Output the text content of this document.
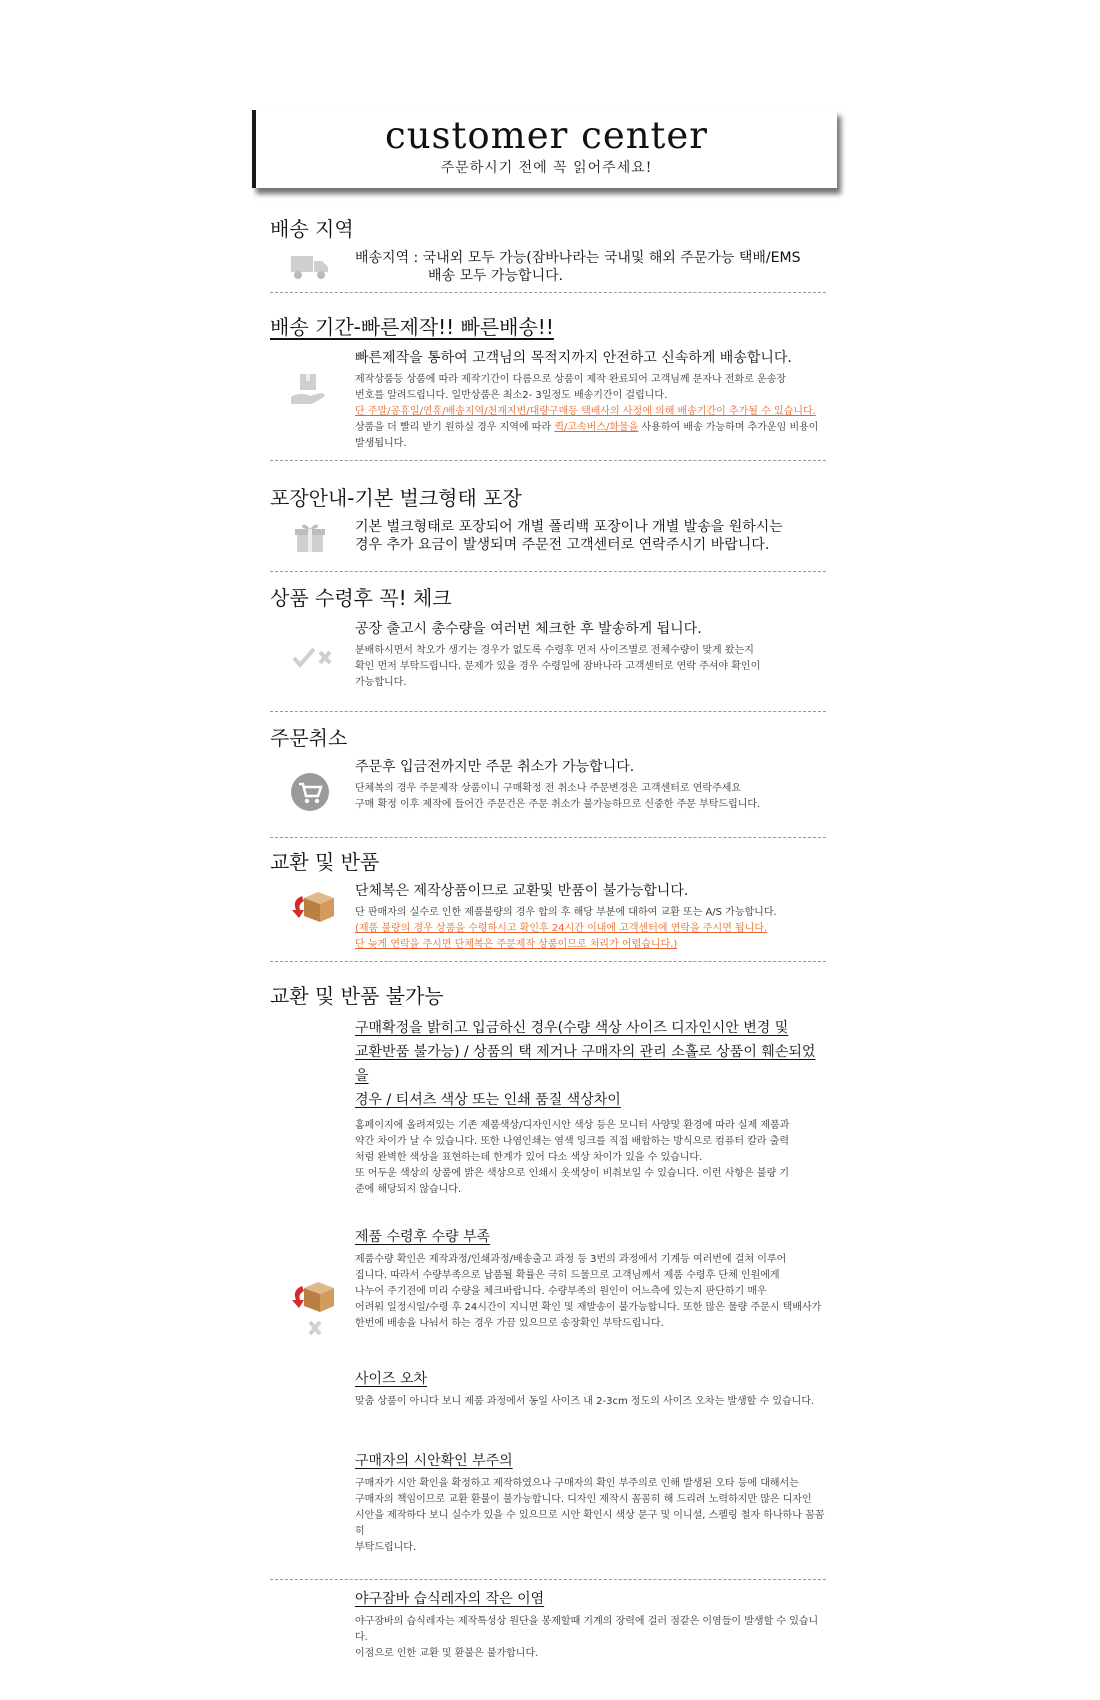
customer center
주문하시기 전에 꼭 읽어주세요!
배송 지역
배송지역 : 국내외 모두 가능(잠바나라는 국내및 해외 주문가능 택배/EMS
배송 모두 가능합니다.
배송 기간-빠른제작!! 빠른배송!!
빠른제작을 통하여 고객님의 목적지까지 안전하고 신속하게 배송합니다.
제작상품등 상품에 따라 제작기간이 다름으로 상품이 제작 완료되어 고객님께 문자나 전화로 운송장
번호를 알려드립니다. 일반상품은 최소2- 3일정도 배송기간이 걸립니다.
단 주말/공휴일/연휴/배송지역/천재지변/대량구매등 택배사의 사정에 의해 배송기간이 추가될 수 있습니다.
상품을 더 빨리 받기 원하실 경우 지역에 따라 퀵/고속버스/화물을 사용하여 배송 가능하며 추가운임 비용이
발생됩니다.
포장안내-기본 벌크형태 포장
기본 벌크형태로 포장되어 개별 폴리백 포장이나 개별 발송을 원하시는
경우 추가 요금이 발생되며 주문전 고객센터로 연락주시기 바랍니다.
상품 수령후 꼭! 체크
공장 출고시 총수량을 여러번 체크한 후 발송하게 됩니다.
분배하시면서 착오가 생기는 경우가 없도록 수령후 먼저 사이즈별로 전체수량이 맞게 왔는지
확인 먼저 부탁드립니다. 문제가 있을 경우 수령일에 잠바나라 고객센터로 연락 주셔야 확인이
가능합니다.
주문취소
주문후 입금전까지만 주문 취소가 가능합니다.
단체복의 경우 주문제작 상품이니 구매확정 전 취소나 주문변경은 고객센터로 연락주세요
구매 확정 이후 제작에 들어간 주문건은 주문 취소가 불가능하므로 신중한 주문 부탁드립니다.
교환 및 반품
단체복은 제작상품이므로 교환및 반품이 불가능합니다.
단 판매자의 실수로 인한 제품불량의 경우 합의 후 해당 부분에 대하여 교환 또는 A/S 가능합니다.
(제품 불량의 경우 상품을 수령하시고 확인후 24시간 이내에 고객센터에 연락을 주시면 됩니다.
단 늦게 연락을 주시면 단체복은 주문제작 상품이므로 처리가 어렵습니다.)
교환 및 반품 불가능
구매확정을 밝히고 입금하신 경우(수량 색상 사이즈 디자인시안 변경 및
교환반품 불가능) / 상품의 택 제거나 구매자의 관리 소홀로 상품이 훼손되었을
경우 / 티셔츠 색상 또는 인쇄 품질 색상차이
홈페이지에 올려져있는 기존 제품색상/디자인시안 색상 등은 모니터 사양및 환경에 따라 실제 제품과
약간 차이가 날 수 있습니다. 또한 나염인쇄는 염색 잉크를 직접 배합하는 방식으로 컴퓨터 칼라 출력
처럼 완벽한 색상을 표현하는데 한계가 있어 다소 색상 차이가 있을 수 있습니다.
또 어두운 색상의 상품에 밝은 색상으로 인쇄시 옷색상이 비춰보일 수 있습니다. 이런 사항은 불량 기
준에 해당되지 않습니다.
제품 수령후 수량 부족
제품수량 확인은 제작과정/인쇄과정/배송출고 과정 등 3번의 과정에서 기계등 여러번에 걸쳐 이루어
집니다. 따라서 수량부족으로 납품될 확률은 극히 드물므로 고객님께서 제품 수령후 단체 인원에게
나누어 주기전에 미리 수량을 체크바랍니다. 수량부족의 원인이 어느측에 있는지 판단하기 매우
어려워 일정시일/수령 후 24시간이 지니면 확인 및 재발송이 불가능합니다. 또한 많은 물량 주문시 택배사가
한번에 배송을 나눠서 하는 경우 가끔 있으므로 송장확인 부탁드립니다.
사이즈 오차
맞춤 상품이 아니다 보니 제품 과정에서 동일 사이즈 내 2-3cm 정도의 사이즈 오차는 발생할 수 있습니다.
구매자의 시안확인 부주의
구매자가 시안 확인을 확정하고 제작하였으나 구매자의 확인 부주의로 인해 발생된 오타 등에 대해서는
구매자의 책임이므로 교환 환불이 불가능합니다. 디자인 제작시 꼼꼼히 해 드리려 노력하지만 많은 디자인
시안을 제작하다 보니 실수가 있을 수 있으므로 시안 확인시 색상 문구 및 이니셜, 스펠링 철자 하나하나 꼼꼼히
부탁드립니다.
야구잠바 습식레자의 작은 이염
야구잠바의 습식레자는 제작특성상 원단을 봉제할때 기계의 장력에 걸러 점같은 이염들이 발생할 수 있습니다.
이점으로 인한 교환 및 환불은 불가합니다.
